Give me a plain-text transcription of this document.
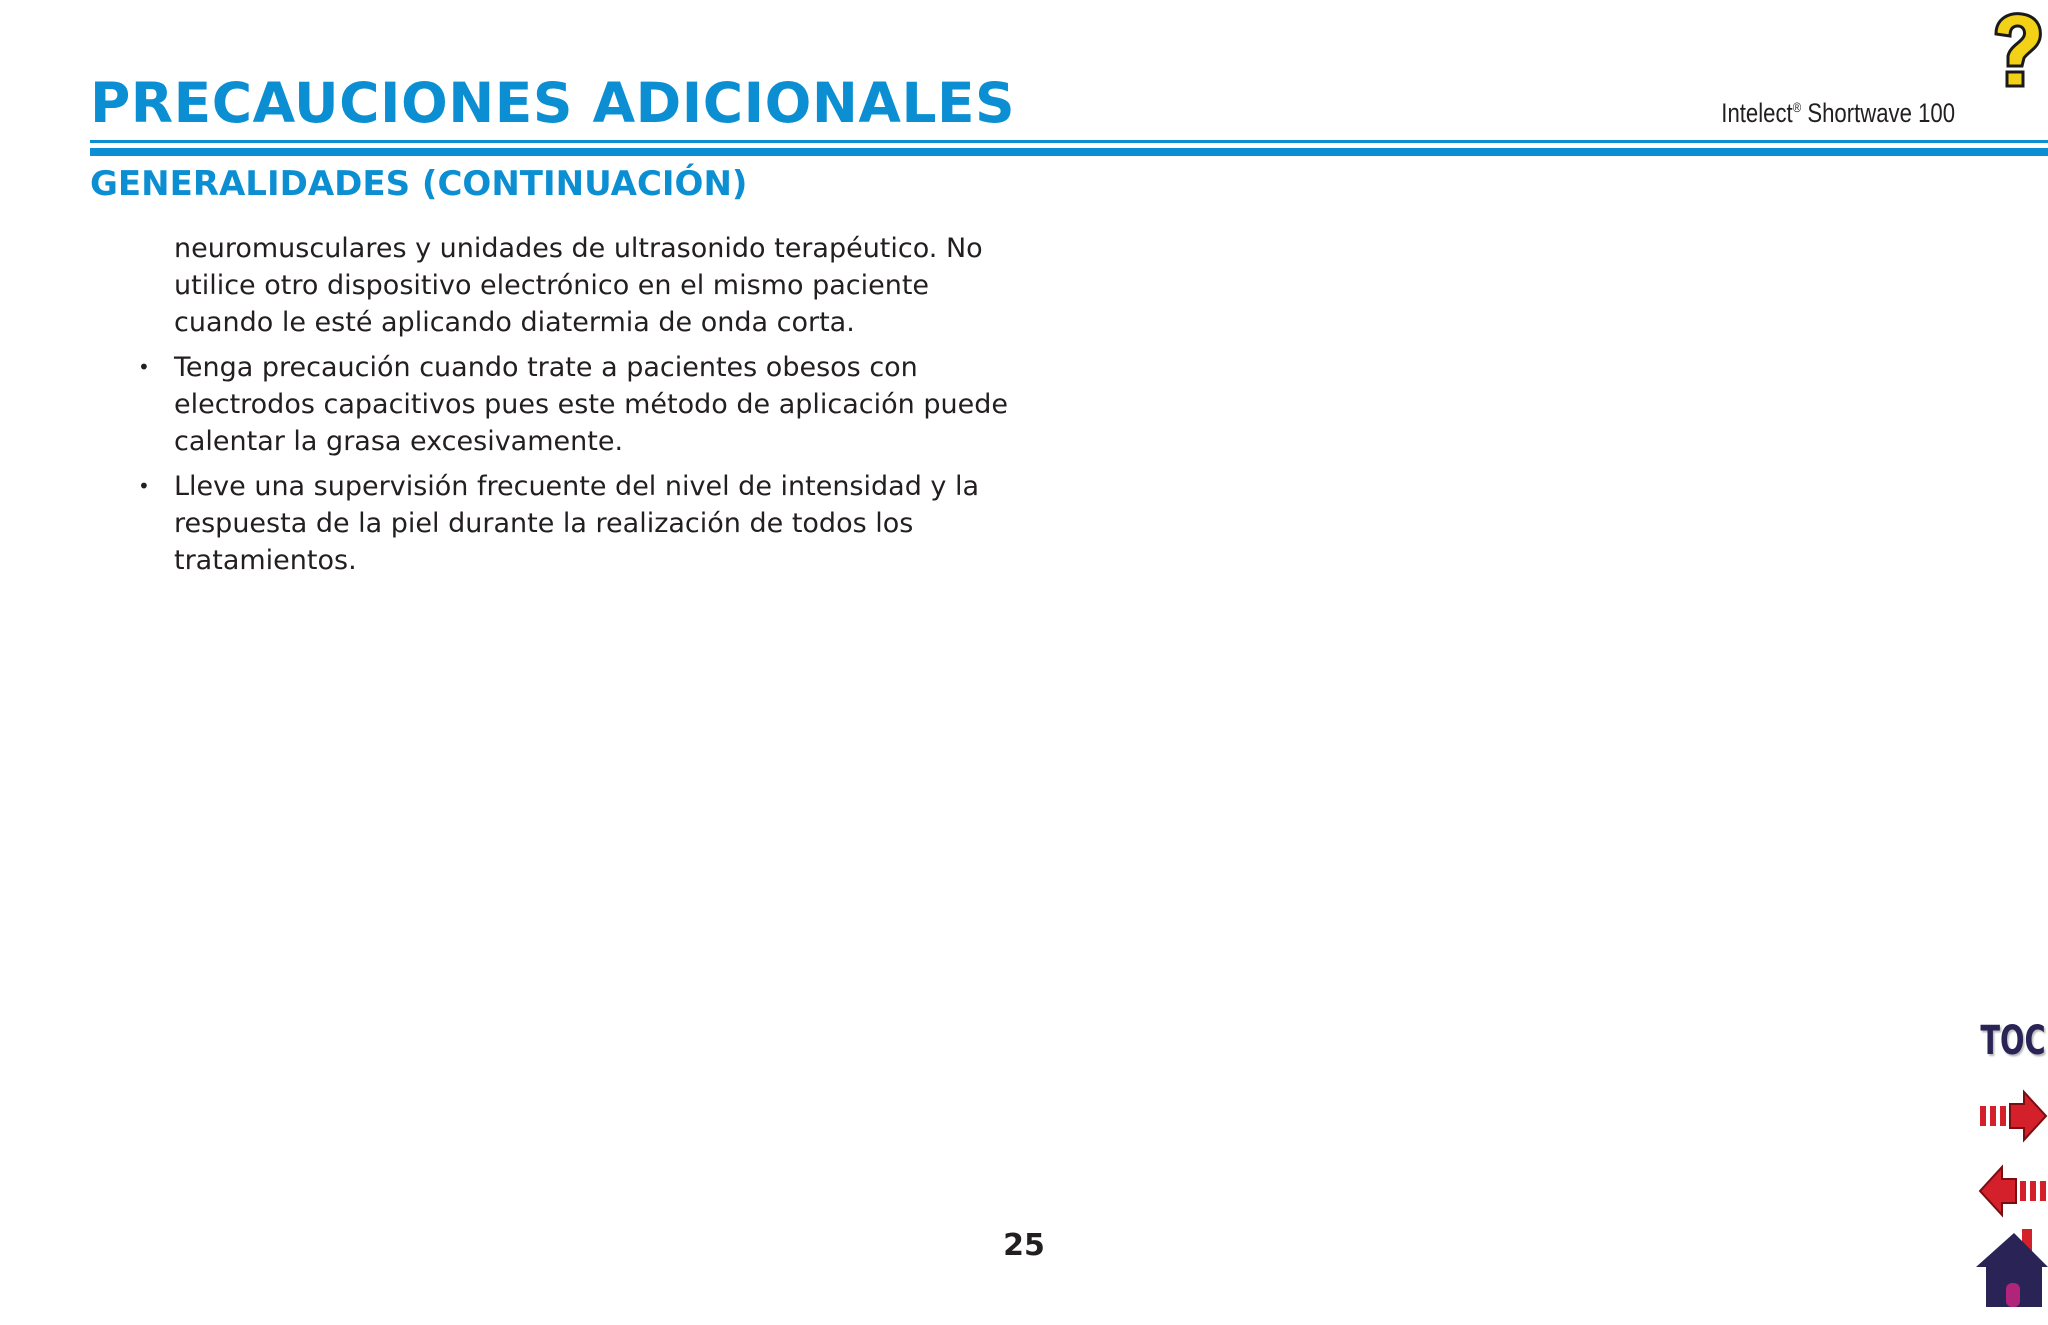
PRECAUCIONES ADICIONALES	Intelect® Shortwave 100
GENERALIDADES (CONTINUACIÓN)

neuromusculares y unidades de ultrasonido terapéutico. No utilice otro dispositivo electrónico en el mismo paciente cuando le esté aplicando diatermia de onda corta.

• Tenga precaución cuando trate a pacientes obesos con electrodos capacitivos pues este método de aplicación puede calentar la grasa excesivamente.
• Lleve una supervisión frecuente del nivel de intensidad y la respuesta de la piel durante la realización de todos los tratamientos.
25
TOC
